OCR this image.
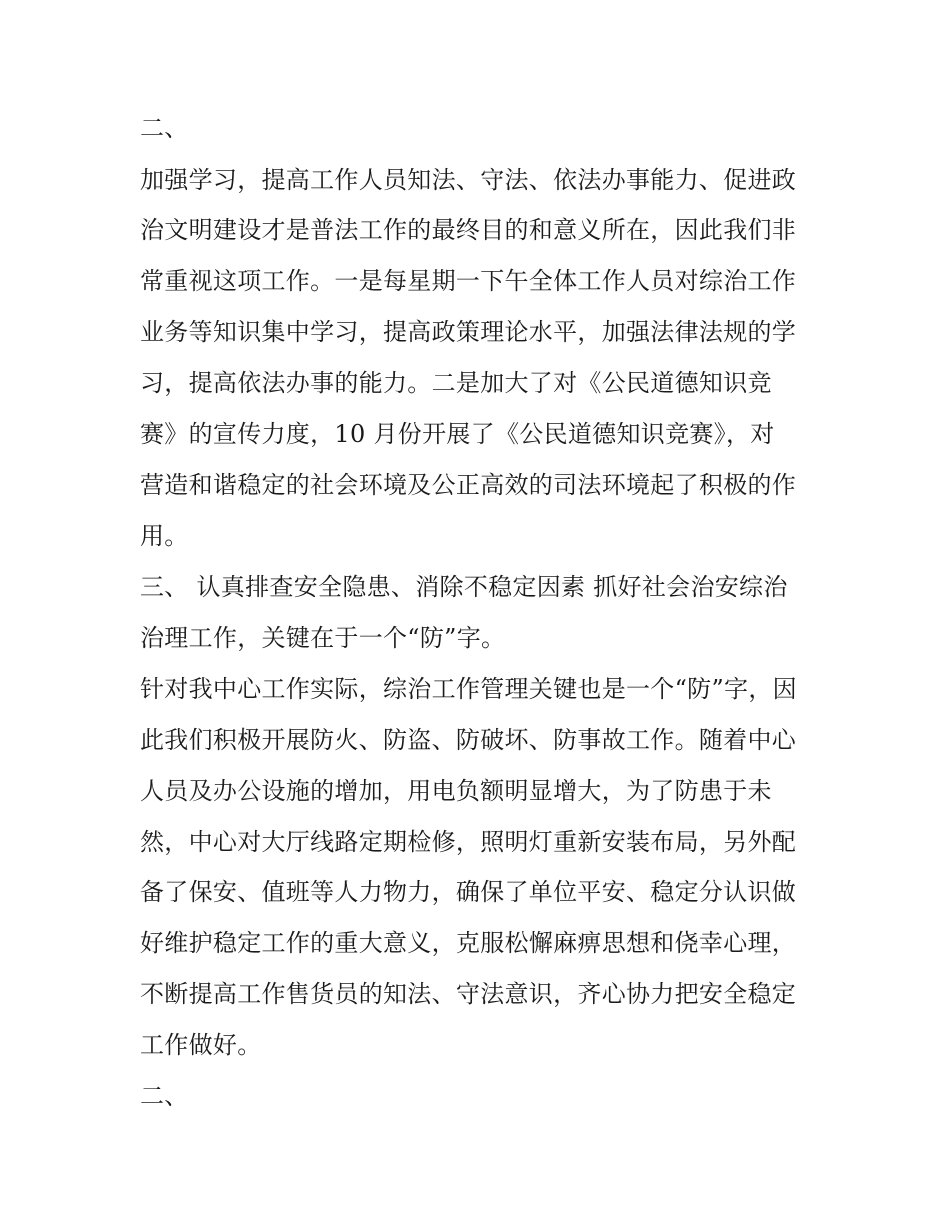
二、
加强学习，提高工作人员知法、守法、依法办事能力、促进政
治文明建设才是普法工作的最终目的和意义所在，因此我们非
常重视这项工作。一是每星期一下午全体工作人员对综治工作
业务等知识集中学习，提高政策理论水平，加强法律法规的学
习，提高依法办事的能力。二是加大了对《公民道德知识竞
赛》的宣传力度，10 月份开展了《公民道德知识竞赛》，对
营造和谐稳定的社会环境及公正高效的司法环境起了积极的作
用。
三、 认真排查安全隐患、消除不稳定因素 抓好社会治安综治
治理工作，关键在于一个“防”字。
针对我中心工作实际，综治工作管理关键也是一个“防”字，因
此我们积极开展防火、防盗、防破坏、防事故工作。随着中心
人员及办公设施的增加，用电负额明显增大，为了防患于未
然，中心对大厅线路定期检修，照明灯重新安装布局，另外配
备了保安、值班等人力物力，确保了单位平安、稳定分认识做
好维护稳定工作的重大意义，克服松懈麻痹思想和侥幸心理，
不断提高工作售货员的知法、守法意识，齐心协力把安全稳定
工作做好。
二、
